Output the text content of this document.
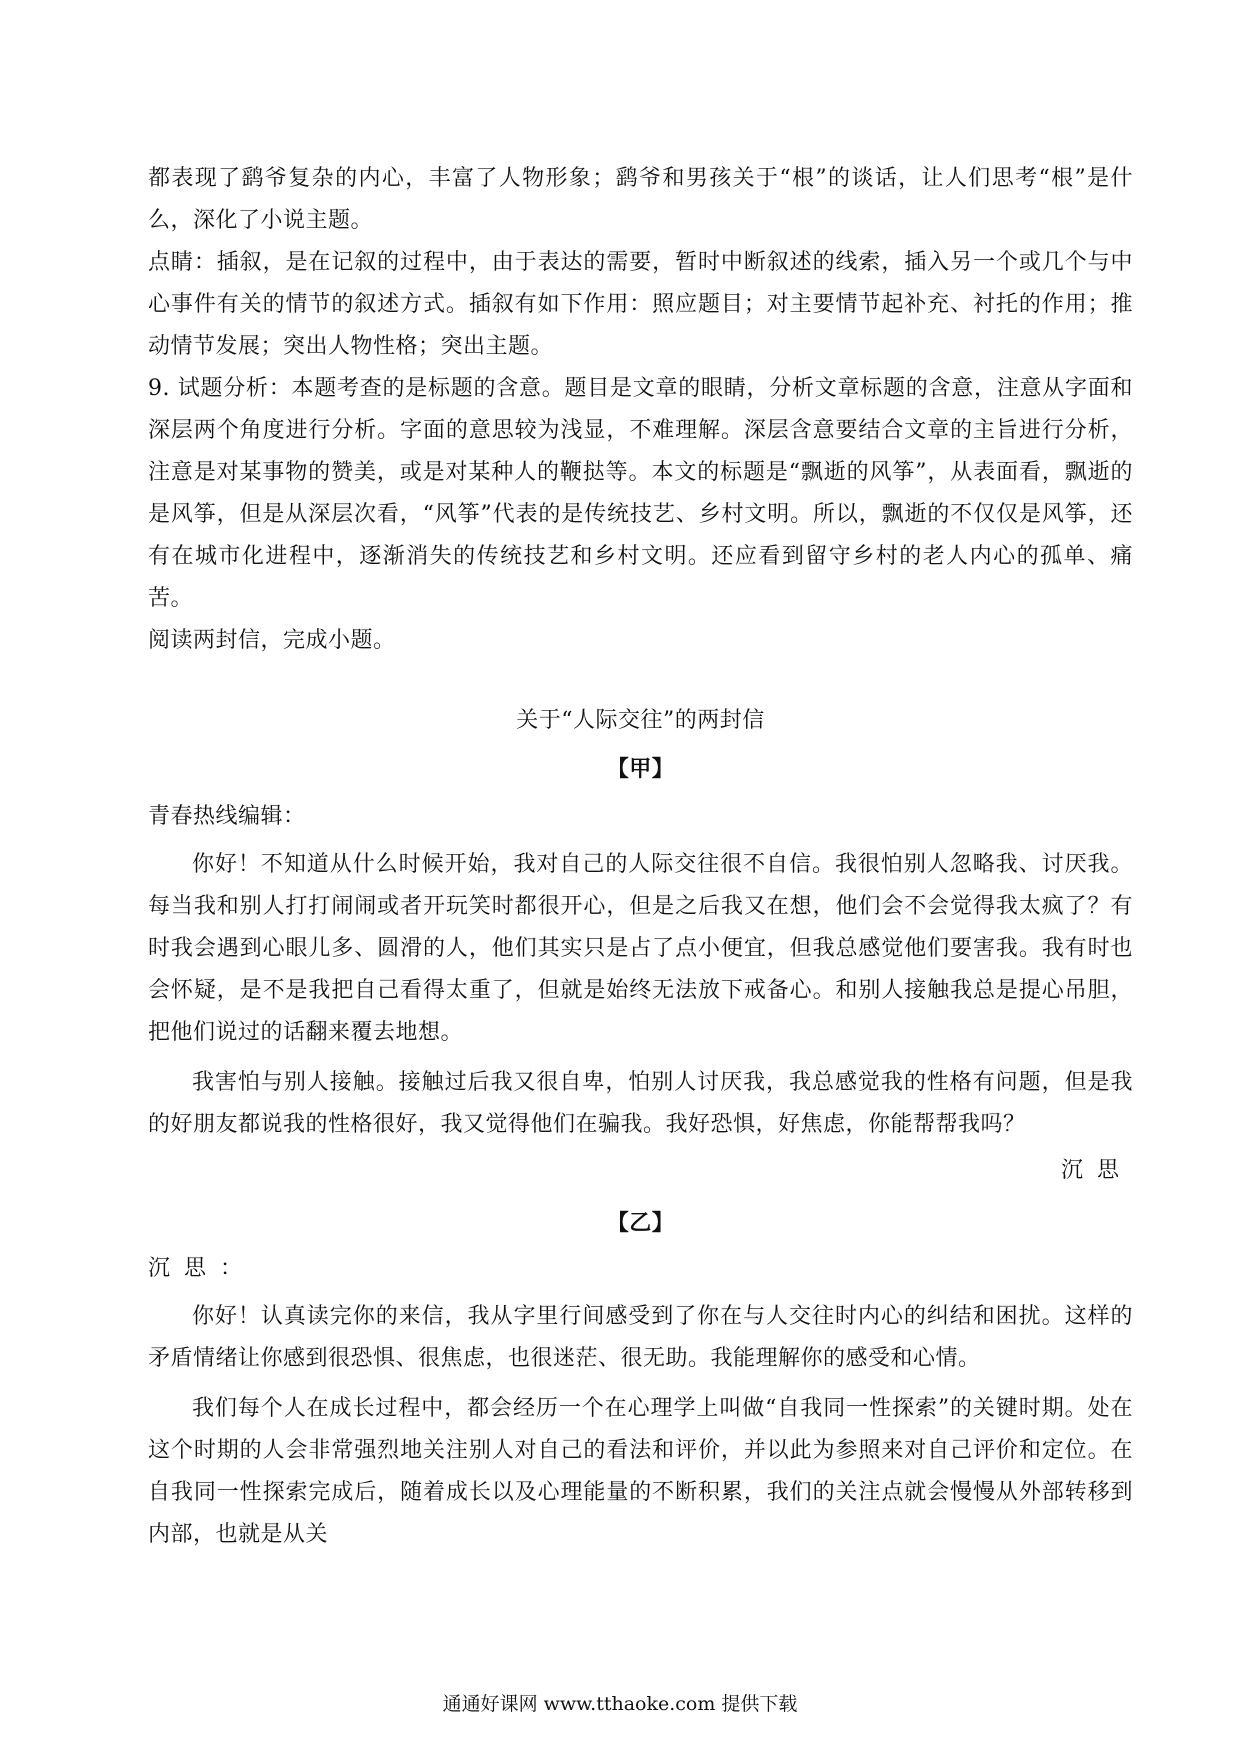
都表现了鹞爷复杂的内心，丰富了人物形象；鹞爷和男孩关于“根”的谈话，让人们思考“根”是什么，深化了小说主题。

点睛：插叙，是在记叙的过程中，由于表达的需要，暂时中断叙述的线索，插入另一个或几个与中心事件有关的情节的叙述方式。插叙有如下作用：照应题目；对主要情节起补充、衬托的作用；推动情节发展；突出人物性格；突出主题。

9. 试题分析：本题考查的是标题的含意。题目是文章的眼睛，分析文章标题的含意，注意从字面和深层两个角度进行分析。字面的意思较为浅显，不难理解。深层含意要结合文章的主旨进行分析，注意是对某事物的赞美，或是对某种人的鞭挞等。本文的标题是“飘逝的风筝”，从表面看，飘逝的是风筝，但是从深层次看，“风筝”代表的是传统技艺、乡村文明。所以，飘逝的不仅仅是风筝，还有在城市化进程中，逐渐消失的传统技艺和乡村文明。还应看到留守乡村的老人内心的孤单、痛苦。

阅读两封信，完成小题。

关于“人际交往”的两封信

【甲】

青春热线编辑：

你好！不知道从什么时候开始，我对自己的人际交往很不自信。我很怕别人忽略我、讨厌我。每当我和别人打打闹闹或者开玩笑时都很开心，但是之后我又在想，他们会不会觉得我太疯了？有时我会遇到心眼儿多、圆滑的人，他们其实只是占了点小便宜，但我总感觉他们要害我。我有时也会怀疑，是不是我把自己看得太重了，但就是始终无法放下戒备心。和别人接触我总是提心吊胆，把他们说过的话翻来覆去地想。

我害怕与别人接触。接触过后我又很自卑，怕别人讨厌我，我总感觉我的性格有问题，但是我的好朋友都说我的性格很好，我又觉得他们在骗我。我好恐惧，好焦虑，你能帮帮我吗？

沉思

【乙】

沉思：

你好！认真读完你的来信，我从字里行间感受到了你在与人交往时内心的纠结和困扰。这样的矛盾情绪让你感到很恐惧、很焦虑，也很迷茫、很无助。我能理解你的感受和心情。

我们每个人在成长过程中，都会经历一个在心理学上叫做“自我同一性探索”的关键时期。处在这个时期的人会非常强烈地关注别人对自己的看法和评价，并以此为参照来对自己评价和定位。在自我同一性探索完成后，随着成长以及心理能量的不断积累，我们的关注点就会慢慢从外部转移到内部，也就是从关

通通好课网 www.tthaoke.com 提供下载
